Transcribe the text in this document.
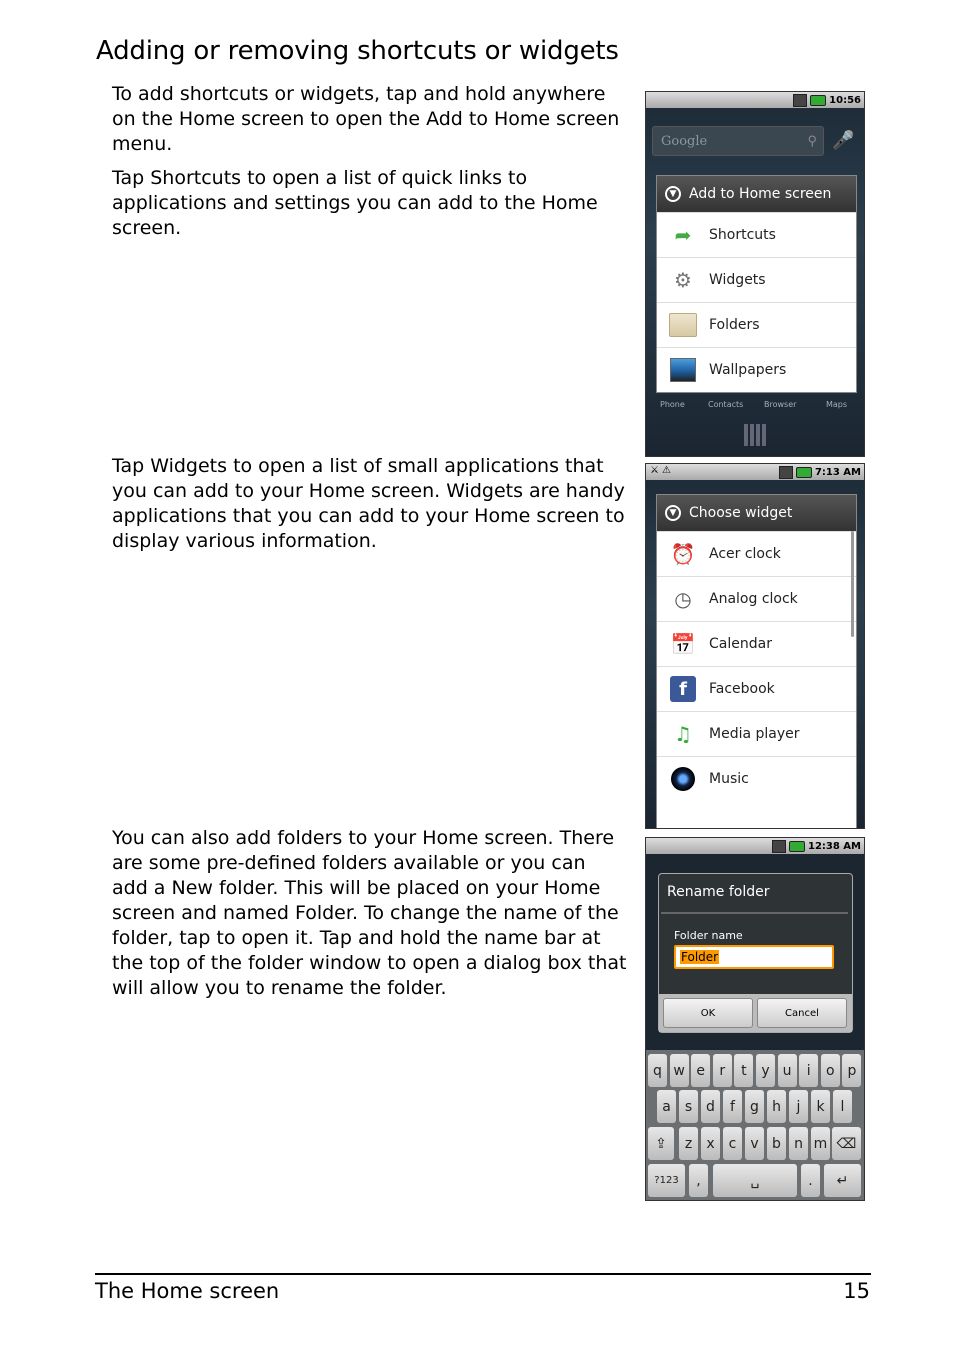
Adding or removing shortcuts or widgets

To add shortcuts or widgets, tap and hold anywhere on the Home screen to open the Add to Home screen menu.

Tap Shortcuts to open a list of quick links to applications and settings you can add to the Home screen.

Tap Widgets to open a list of small applications that you can add to your Home screen. Widgets are handy applications that you can add to your Home screen to display various information.

You can also add folders to your Home screen. There are some pre-defined folders available or you can add a New folder. This will be placed on your Home screen and named Folder. To change the name of the folder, tap to open it. Tap and hold the name bar at the top of the folder window to open a dialog box that will allow you to rename the folder.

10:56
Google	⚲ 🎤
▼ Add to Home screen
➦	Shortcuts
⚙	Widgets
Folders
Wallpapers
Phone	Contacts	Browser	Maps
⚔ ⚠	7:13 AM
▼ Choose widget
⏰ Acer clock
◷	Analog clock
📅 Calendar
f	Facebook
♫	Media player
Music
12:38 AM
Rename folder
Folder name
Folder
OK	Cancel
q w e	r	t	y u	i	o p
a	s d	f	g h	j	k	l
⇪	z	x	c	v b n m ⌫
?123	,	␣	.	↵
The Home screen	15
